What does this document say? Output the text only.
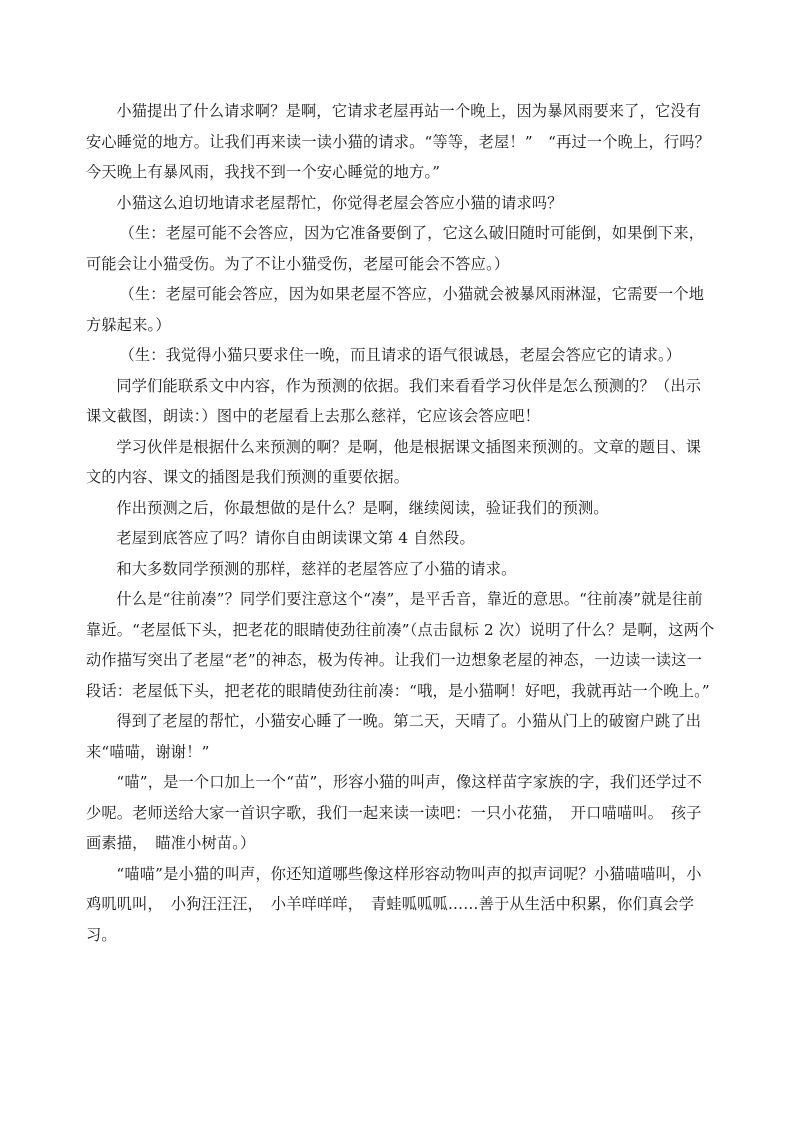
小猫提出了什么请求啊？是啊，它请求老屋再站一个晚上，因为暴风雨要来了，它没有安心睡觉的地方。让我们再来读一读小猫的请求。“等等，老屋！”　“再过一个晚上，行吗？今天晚上有暴风雨，我找不到一个安心睡觉的地方。”

小猫这么迫切地请求老屋帮忙，你觉得老屋会答应小猫的请求吗？

（生：老屋可能不会答应，因为它准备要倒了，它这么破旧随时可能倒，如果倒下来，可能会让小猫受伤。为了不让小猫受伤，老屋可能会不答应。）

（生：老屋可能会答应，因为如果老屋不答应，小猫就会被暴风雨淋湿，它需要一个地方躲起来。）

（生：我觉得小猫只要求住一晚，而且请求的语气很诚恳，老屋会答应它的请求。）

同学们能联系文中内容，作为预测的依据。我们来看看学习伙伴是怎么预测的？（出示课文截图，朗读：）图中的老屋看上去那么慈祥，它应该会答应吧！

学习伙伴是根据什么来预测的啊？是啊，他是根据课文插图来预测的。文章的题目、课文的内容、课文的插图是我们预测的重要依据。

作出预测之后，你最想做的是什么？是啊，继续阅读，验证我们的预测。

老屋到底答应了吗？请你自由朗读课文第 4 自然段。

和大多数同学预测的那样，慈祥的老屋答应了小猫的请求。

什么是“往前凑”？同学们要注意这个“凑”，是平舌音，靠近的意思。“往前凑”就是往前靠近。“老屋低下头，把老花的眼睛使劲往前凑”（点击鼠标 2 次）说明了什么？是啊，这两个动作描写突出了老屋“老”的神态，极为传神。让我们一边想象老屋的神态，一边读一读这一段话：老屋低下头，把老花的眼睛使劲往前凑：“哦，是小猫啊！好吧，我就再站一个晚上。”

得到了老屋的帮忙，小猫安心睡了一晚。第二天，天晴了。小猫从门上的破窗户跳了出来“喵喵，谢谢！”

“喵”，是一个口加上一个“苗”，形容小猫的叫声，像这样苗字家族的字，我们还学过不少呢。老师送给大家一首识字歌，我们一起来读一读吧：一只小花猫，　开口喵喵叫。　孩子画素描，　瞄准小树苗。）

“喵喵”是小猫的叫声，你还知道哪些像这样形容动物叫声的拟声词呢？小猫喵喵叫，小鸡叽叽叫，　小狗汪汪汪，　小羊咩咩咩，　青蛙呱呱呱……善于从生活中积累，你们真会学习。
